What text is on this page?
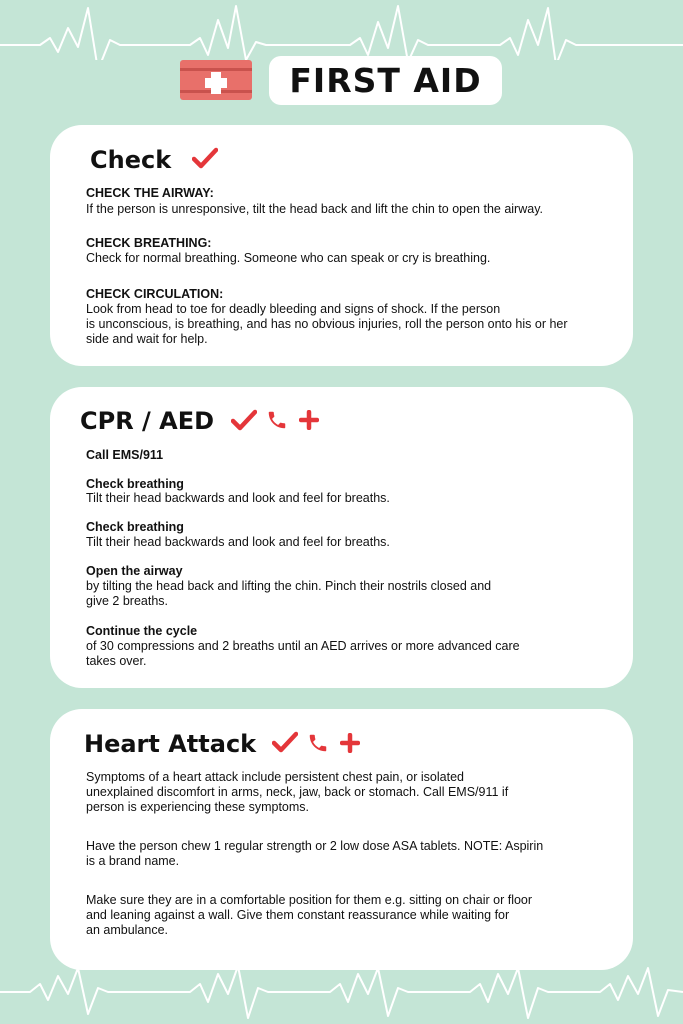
FIRST AID
Check
CHECK THE AIRWAY:
If the person is unresponsive, tilt the head back and lift the chin to open the airway.
CHECK BREATHING:
Check for normal breathing. Someone who can speak or cry is breathing.
CHECK CIRCULATION:
Look from head to toe for deadly bleeding and signs of shock. If the person
is unconscious, is breathing, and has no obvious injuries, roll the person onto his or her
side and wait for help.
CPR / AED
Call EMS/911
Check breathing
Tilt their head backwards and look and feel for breaths.
Check breathing
Tilt their head backwards and look and feel for breaths.
Open the airway
by tilting the head back and lifting the chin. Pinch their nostrils closed and
give 2 breaths.
Continue the cycle
of 30 compressions and 2 breaths until an AED arrives or more advanced care
takes over.
Heart Attack
Symptoms of a heart attack include persistent chest pain, or isolated
unexplained discomfort in arms, neck, jaw, back or stomach. Call EMS/911 if
person is experiencing these symptoms.
Have the person chew 1 regular strength or 2 low dose ASA tablets. NOTE: Aspirin
is a brand name.
Make sure they are in a comfortable position for them e.g. sitting on chair or floor
and leaning against a wall. Give them constant reassurance while waiting for
an ambulance.
